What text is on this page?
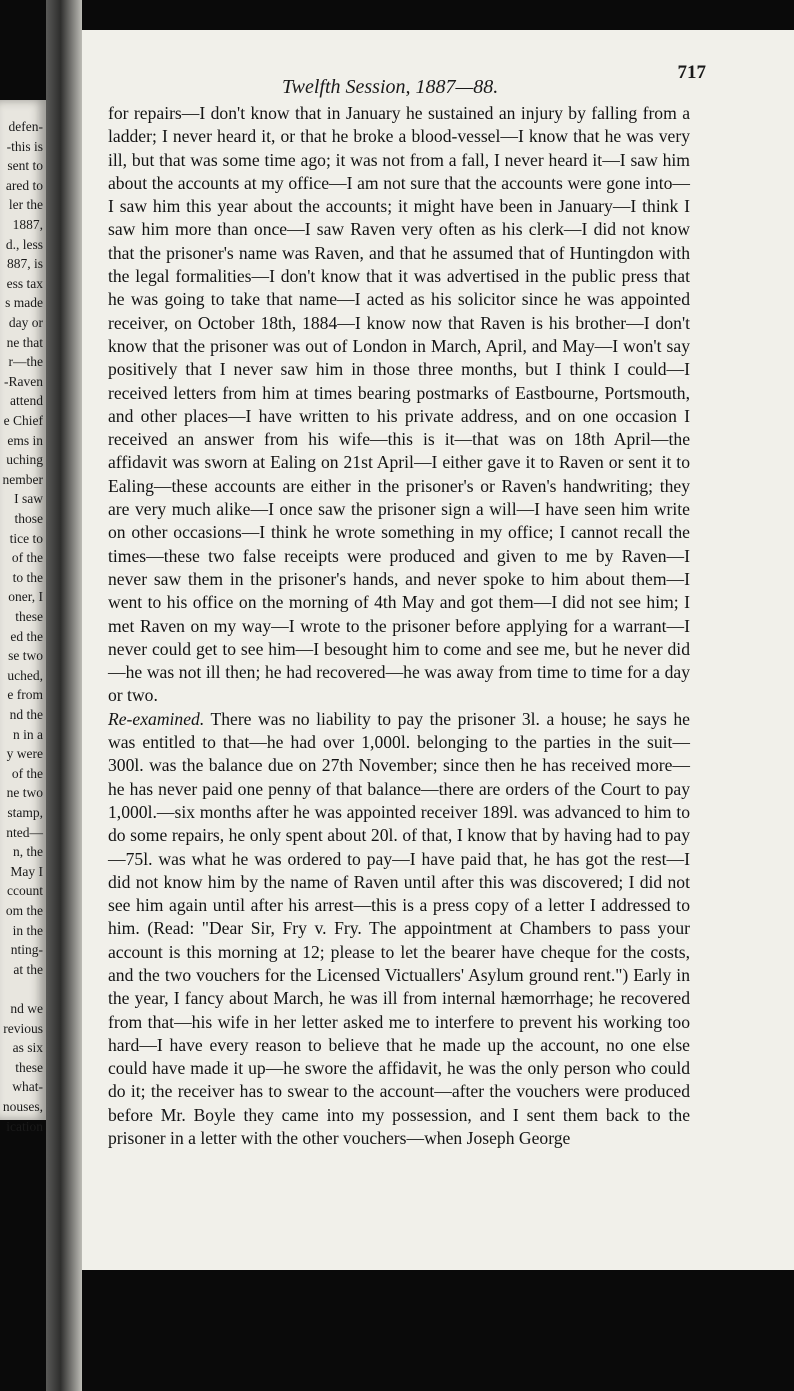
defen-
-this is
sent to
ared to
ler the
1887,
d., less
887, is
ess tax
s made
day or
ne that
r—the
-Raven
attend
e Chief
ems in
uching
nember
I saw
those
tice to
of the
to the
oner, I
these
ed the
se two
uched,
e from
nd the
n in a
y were
of the
ne two
stamp,
nted—
n, the
May I
ccount
om the
in the
nting-
at the
nd we
revious
as six
these
what-
nouses,
ication
Twelfth Session, 1887—88.
717

for repairs—I don't know that in January he sustained an injury by falling from a ladder; I never heard it, or that he broke a blood-vessel—I know that he was very ill, but that was some time ago; it was not from a fall, I never heard it—I saw him about the accounts at my office—I am not sure that the accounts were gone into—I saw him this year about the accounts; it might have been in January—I think I saw him more than once—I saw Raven very often as his clerk—I did not know that the prisoner's name was Raven, and that he assumed that of Huntingdon with the legal formalities—I don't know that it was advertised in the public press that he was going to take that name—I acted as his solicitor since he was appointed receiver, on October 18th, 1884—I know now that Raven is his brother—I don't know that the prisoner was out of London in March, April, and May—I won't say positively that I never saw him in those three months, but I think I could—I received letters from him at times bearing postmarks of Eastbourne, Portsmouth, and other places—I have written to his private address, and on one occasion I received an answer from his wife—this is it—that was on 18th April—the affidavit was sworn at Ealing on 21st April—I either gave it to Raven or sent it to Ealing—these accounts are either in the prisoner's or Raven's handwriting; they are very much alike—I once saw the prisoner sign a will—I have seen him write on other occasions—I think he wrote something in my office; I cannot recall the times—these two false receipts were produced and given to me by Raven—I never saw them in the prisoner's hands, and never spoke to him about them—I went to his office on the morning of 4th May and got them—I did not see him; I met Raven on my way—I wrote to the prisoner before applying for a warrant—I never could get to see him—I besought him to come and see me, but he never did—he was not ill then; he had recovered—he was away from time to time for a day or two.

Re-examined. There was no liability to pay the prisoner 3l. a house; he says he was entitled to that—he had over 1,000l. belonging to the parties in the suit—300l. was the balance due on 27th November; since then he has received more—he has never paid one penny of that balance—there are orders of the Court to pay 1,000l.—six months after he was appointed receiver 189l. was advanced to him to do some repairs, he only spent about 20l. of that, I know that by having had to pay—75l. was what he was ordered to pay—I have paid that, he has got the rest—I did not know him by the name of Raven until after this was discovered; I did not see him again until after his arrest—this is a press copy of a letter I addressed to him. (Read: "Dear Sir, Fry v. Fry. The appointment at Chambers to pass your account is this morning at 12; please to let the bearer have cheque for the costs, and the two vouchers for the Licensed Victuallers' Asylum ground rent.") Early in the year, I fancy about March, he was ill from internal hæmorrhage; he recovered from that—his wife in her letter asked me to interfere to prevent his working too hard—I have every reason to believe that he made up the account, no one else could have made it up—he swore the affidavit, he was the only person who could do it; the receiver has to swear to the account—after the vouchers were produced before Mr. Boyle they came into my possession, and I sent them back to the prisoner in a letter with the other vouchers—when Joseph George
